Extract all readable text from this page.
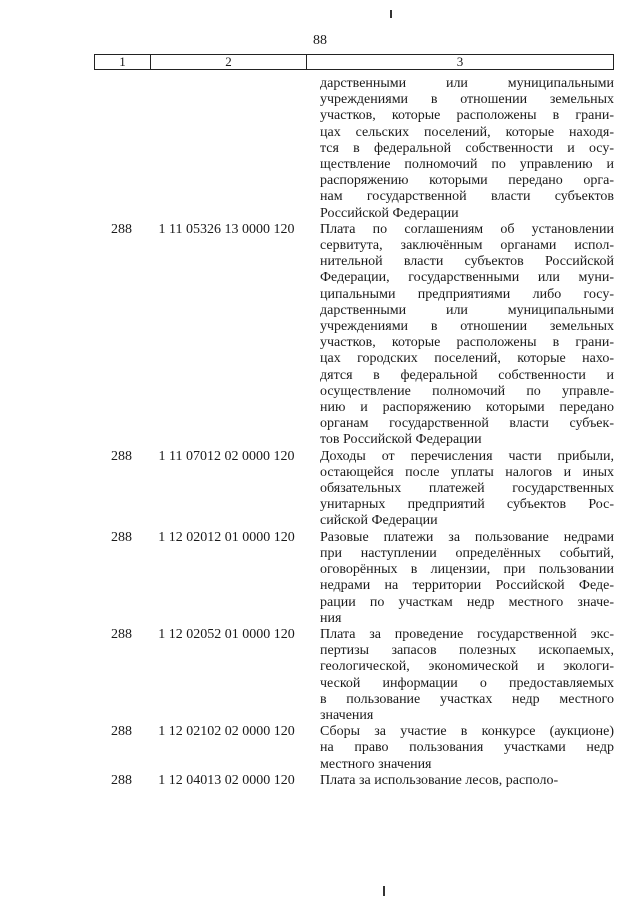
88
1	2	3
дарственными или муниципальными
учреждениями в отношении земельных
участков, которые расположены в грани-
цах сельских поселений, которые находя-
тся в федеральной собственности и осу-
ществление полномочий по управлению и
распоряжению которыми передано орга-
нам государственной власти субъектов
Российской Федерации
288	1 11 05326 13 0000 120	Плата по соглашениям об установлении
сервитута, заключённым органами испол-
нительной власти субъектов Российской
Федерации, государственными или муни-
ципальными предприятиями либо госу-
дарственными или муниципальными
учреждениями в отношении земельных
участков, которые расположены в грани-
цах городских поселений, которые нахо-
дятся в федеральной собственности и
осуществление полномочий по управле-
нию и распоряжению которыми передано
органам государственной власти субъек-
тов Российской Федерации
288	1 11 07012 02 0000 120	Доходы от перечисления части прибыли,
остающейся после уплаты налогов и иных
обязательных платежей государственных
унитарных предприятий субъектов Рос-
сийской Федерации
288	1 12 02012 01 0000 120	Разовые платежи за пользование недрами
при наступлении определённых событий,
оговорённых в лицензии, при пользовании
недрами на территории Российской Феде-
рации по участкам недр местного значе-
ния
288	1 12 02052 01 0000 120	Плата за проведение государственной экс-
пертизы запасов полезных ископаемых,
геологической, экономической и экологи-
ческой информации о предоставляемых
в пользование участках недр местного
значения
288	1 12 02102 02 0000 120	Сборы за участие в конкурсе (аукционе)
на право пользования участками недр
местного значения
288	1 12 04013 02 0000 120	Плата за использование лесов, располо-
